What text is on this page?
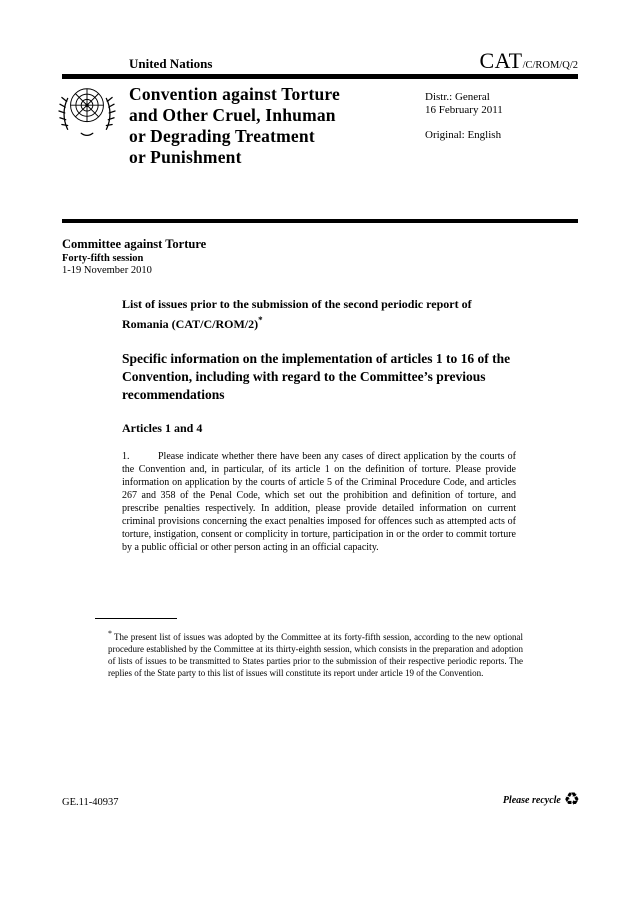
United Nations	CAT/C/ROM/Q/2
Convention against Torture
and Other Cruel, Inhuman
or Degrading Treatment
or Punishment
Distr.: General
16 February 2011
Original: English
Committee against Torture
Forty-fifth session
1-19 November 2010
List of issues prior to the submission of the second periodic report of Romania (CAT/C/ROM/2)*
Specific information on the implementation of articles 1 to 16 of the Convention, including with regard to the Committee’s previous recommendations
Articles 1 and 4

1.	Please indicate whether there have been any cases of direct application by the courts of the Convention and, in particular, of its article 1 on the definition of torture. Please provide information on application by the courts of article 5 of the Criminal Procedure Code, and articles 267 and 358 of the Penal Code, which set out the prohibition and definition of torture, and prescribe penalties respectively. In addition, please provide detailed information on current criminal provisions concerning the exact penalties imposed for offences such as attempted acts of torture, instigation, consent or complicity in torture, participation in or the order to commit torture by a public official or other person acting in an official capacity.

* The present list of issues was adopted by the Committee at its forty-fifth session, according to the new optional procedure established by the Committee at its thirty-eighth session, which consists in the preparation and adoption of lists of issues to be transmitted to States parties prior to the submission of their respective periodic reports. The replies of the State party to this list of issues will constitute its report under article 19 of the Convention.
GE.11-40937	Please recycle ♻
